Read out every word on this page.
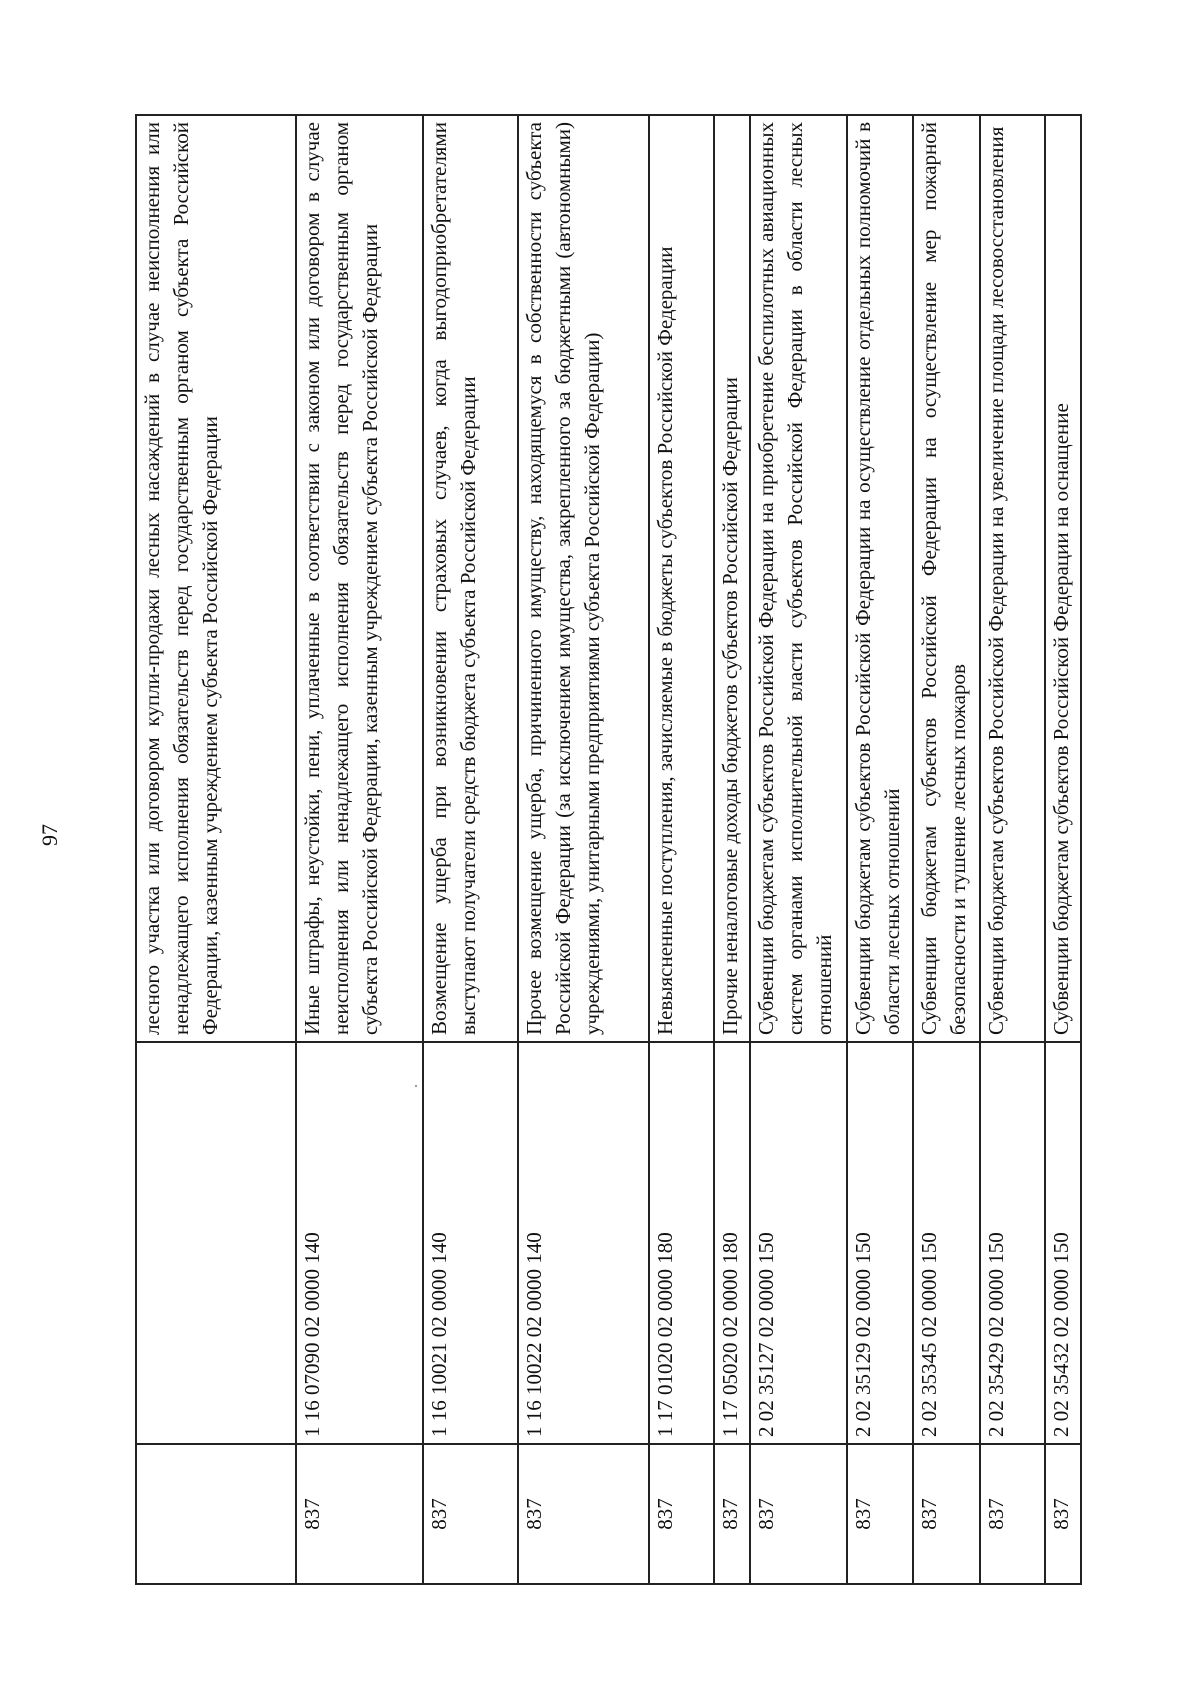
97
			лесного участка или договором купли-продажи лесных насаждений в случае неисполнения или ненадлежащего исполнения обязательств перед государственным органом субъекта Российской Федерации, казенным учреждением субъекта Российской Федерации
837	1 16 07090 02 0000 140	Иные штрафы, неустойки, пени, уплаченные в соответствии с законом или договором в случае неисполнения или ненадлежащего исполнения обязательств перед государственным органом субъекта Российской Федерации, казенным учреждением субъекта Российской Федерации
837	1 16 10021 02 0000 140	Возмещение ущерба при возникновении страховых случаев, когда выгодоприобретателями выступают получатели средств бюджета субъекта Российской Федерации
837	1 16 10022 02 0000 140	Прочее возмещение ущерба, причиненного имуществу, находящемуся в собственности субъекта Российской Федерации (за исключением имущества, закрепленного за бюджетными (автономными) учреждениями, унитарными предприятиями субъекта Российской Федерации)
837	1 17 01020 02 0000 180	Невыясненные поступления, зачисляемые в бюджеты субъектов Российской Федерации
837	1 17 05020 02 0000 180	Прочие неналоговые доходы бюджетов субъектов Российской Федерации
837	2 02 35127 02 0000 150	Субвенции бюджетам субъектов Российской Федерации на приобретение беспилотных авиационных систем органами исполнительной власти субъектов Российской Федерации в области лесных отношений
837	2 02 35129 02 0000 150	Субвенции бюджетам субъектов Российской Федерации на осуществление отдельных полномочий в области лесных отношений
837	2 02 35345 02 0000 150	Субвенции бюджетам субъектов Российской Федерации на осуществление мер пожарной безопасности и тушение лесных пожаров
837	2 02 35429 02 0000 150	Субвенции бюджетам субъектов Российской Федерации на увеличение площади лесовосстановления
837	2 02 35432 02 0000 150	Субвенции бюджетам субъектов Российской Федерации на оснащение
